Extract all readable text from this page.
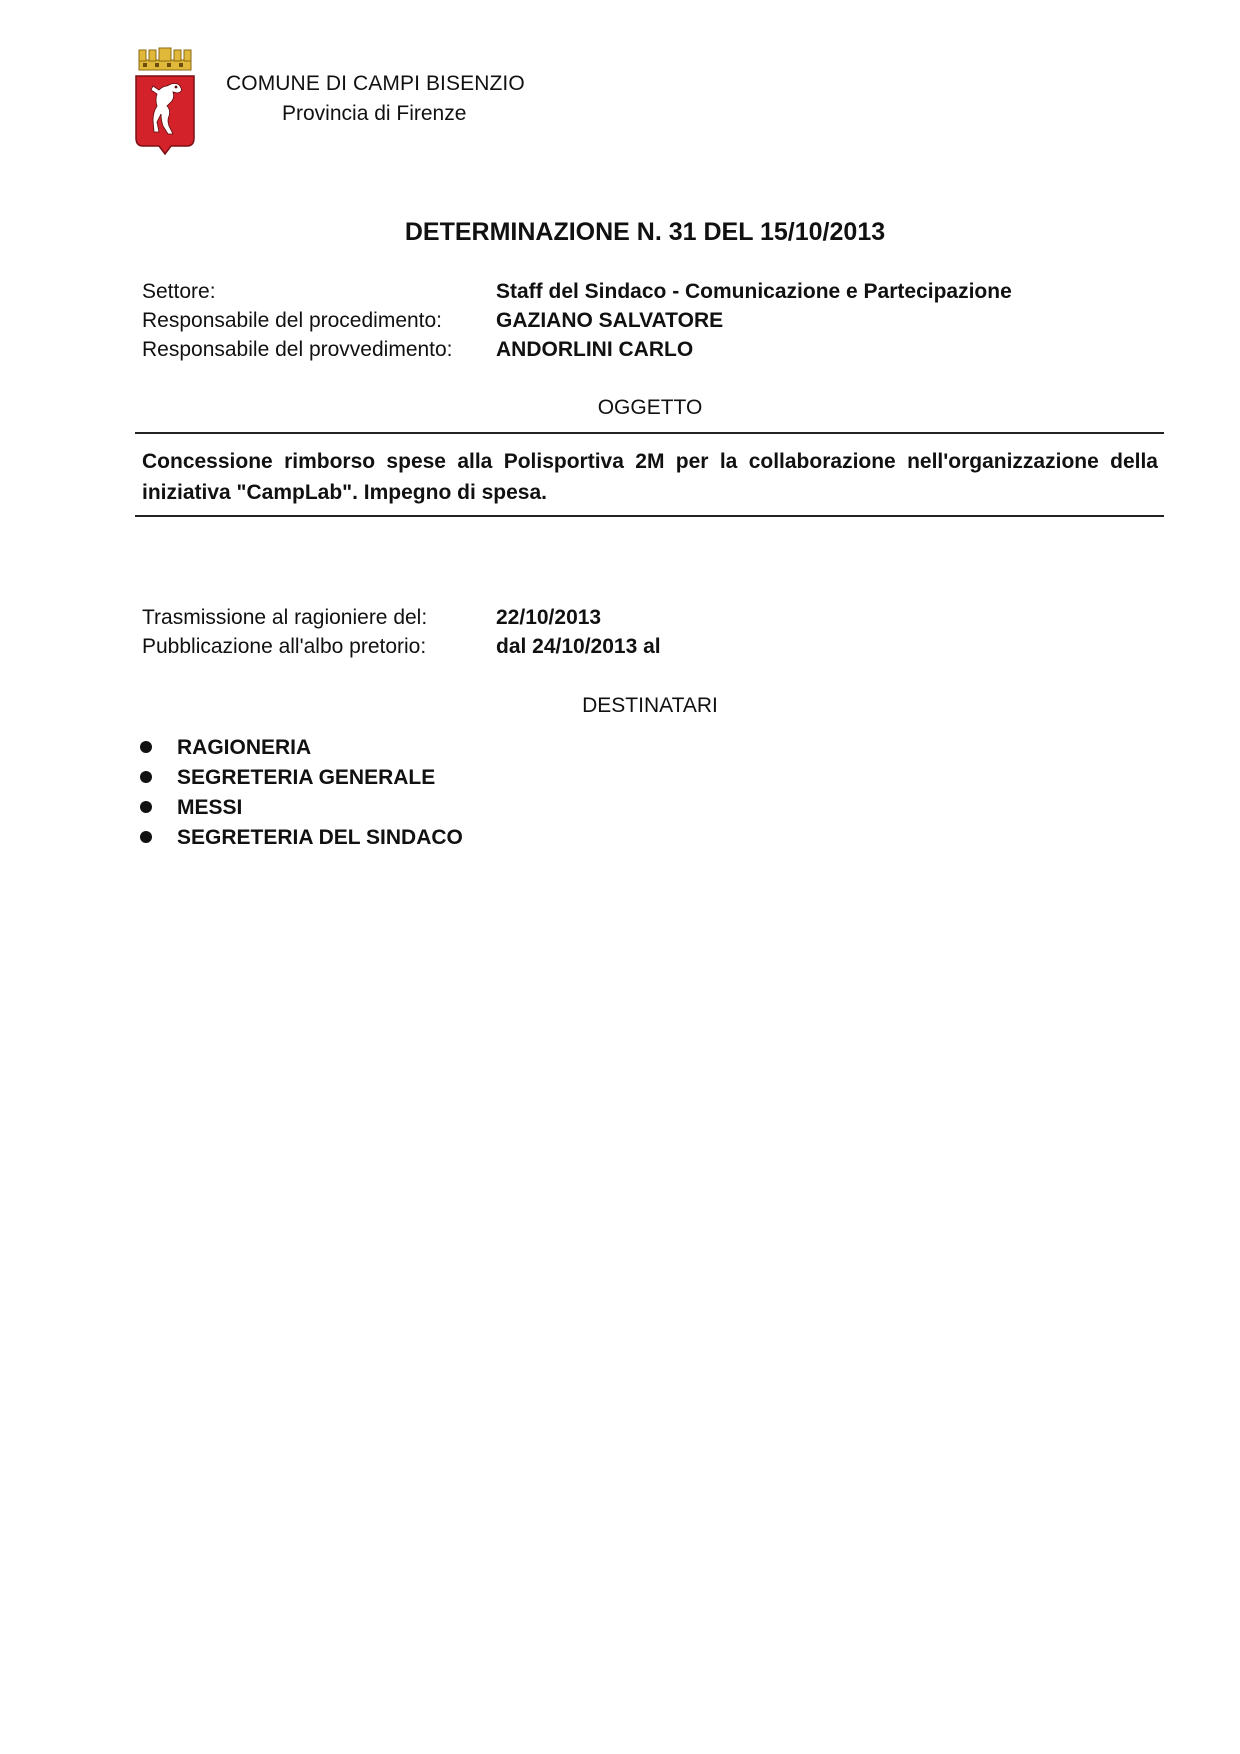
COMUNE DI CAMPI BISENZIO
Provincia di Firenze
DETERMINAZIONE N. 31 DEL 15/10/2013
Settore:	Staff del Sindaco - Comunicazione e Partecipazione
Responsabile del procedimento:	GAZIANO SALVATORE
Responsabile del provvedimento: ANDORLINI CARLO
OGGETTO
Concessione rimborso spese alla Polisportiva 2M per la collaborazione nell'organizzazione della iniziativa "CampLab". Impegno di spesa.
Trasmissione al ragioniere del:	22/10/2013
Pubblicazione all'albo pretorio:	dal 24/10/2013 al
DESTINATARI
RAGIONERIA
SEGRETERIA GENERALE
MESSI
SEGRETERIA DEL SINDACO
